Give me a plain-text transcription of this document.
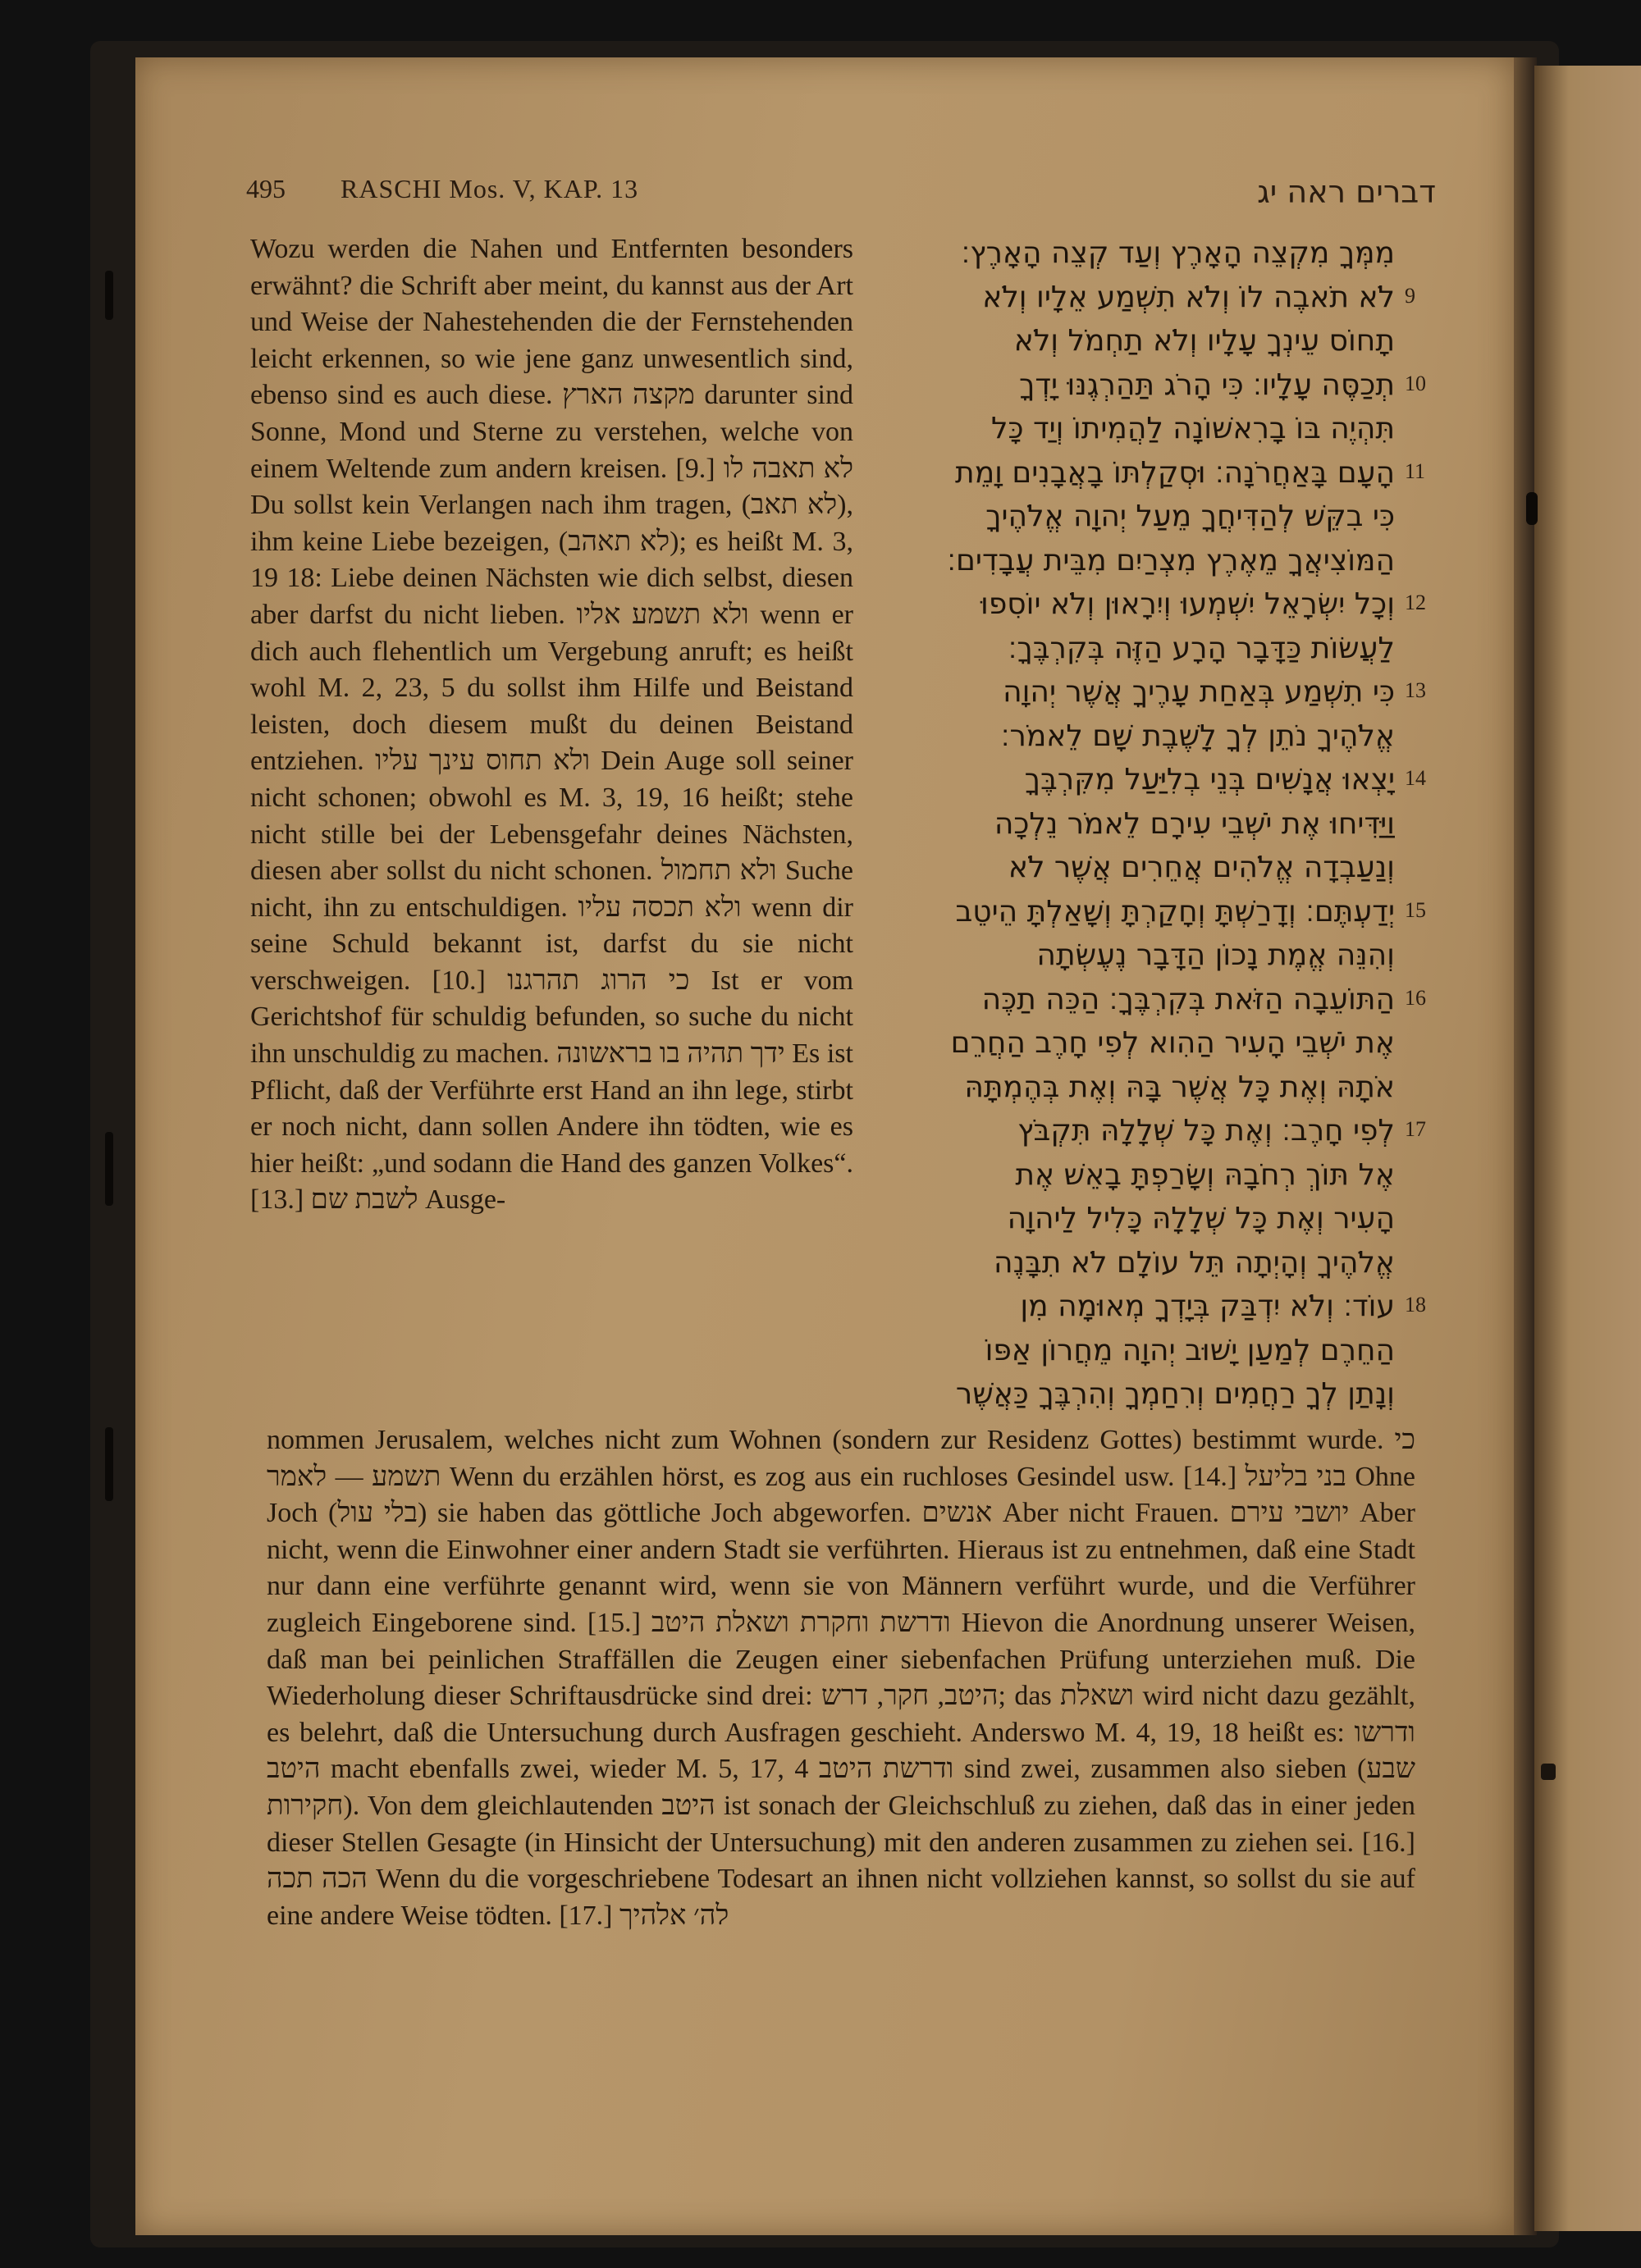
495 RASCHI Mos. V, KAP. 13	דברים ראה יג

Wozu werden die Nahen und Entfernten besonders erwähnt? die Schrift aber meint, du kannst aus der Art und Weise der Nahestehenden die der Fernstehenden leicht erkennen, so wie jene ganz unwesentlich sind, ebenso sind es auch diese. מקצה הארץ darunter sind Sonne, Mond und Sterne zu verstehen, welche von einem Weltende zum andern kreisen. [9.] לא תאבה לו Du sollst kein Verlangen nach ihm tragen, (לא תאב), ihm keine Liebe bezeigen, (לא תאהב); es heißt M. 3, 19 18: Liebe deinen Nächsten wie dich selbst, diesen aber darfst du nicht lieben. ולא תשמע אליו wenn er dich auch flehentlich um Vergebung anruft; es heißt wohl M. 2, 23, 5 du sollst ihm Hilfe und Beistand leisten, doch diesem mußt du deinen Beistand entziehen. ולא תחוס עינך עליו Dein Auge soll seiner nicht schonen; obwohl es M. 3, 19, 16 heißt; stehe nicht stille bei der Lebensgefahr deines Nächsten, diesen aber sollst du nicht schonen. ולא תחמול Suche nicht, ihn zu entschuldigen. ולא תכסה עליו wenn dir seine Schuld bekannt ist, darfst du sie nicht verschweigen. [10.] כי הרוג תהרגנו Ist er vom Gerichtshof für schuldig befunden, so suche du nicht ihn unschuldig zu machen. ידך תהיה בו בראשונה Es ist Pflicht, daß der Verführte erst Hand an ihn lege, stirbt er noch nicht, dann sollen Andere ihn tödten, wie es hier heißt: „und sodann die Hand des ganzen Volkes“. [13.] לשבת שם Ausge-

מִמְּךָ מִקְצֵה הָאָרֶץ וְעַד קְצֵה הָאָרֶץ׃
לֹא תֹאבֶה לוֹ וְלֹא תִשְׁמַע אֵלָיו וְלֹא
תָחוֹס עֵינְךָ עָלָיו וְלֹא תַחְמֹל וְלֹא
תְכַסֶּה עָלָיו׃ כִּי הָרֹג תַּהַרְגֶנּוּ יָדְךָ
תִּהְיֶה בּוֹ בָרִאשׁוֹנָה לַהֲמִיתוֹ וְיַד כָּל
הָעָם בָּאַחֲרֹנָה׃ וּסְקַלְתּוֹ בָאֲבָנִים וָמֵת
כִּי בִקֵּשׁ לְהַדִּיחֲךָ מֵעַל יְהוָה אֱלֹהֶיךָ
הַמּוֹצִיאֲךָ מֵאֶרֶץ מִצְרַיִם מִבֵּית עֲבָדִים׃
וְכָל יִשְׂרָאֵל יִשְׁמְעוּ וְיִרָאוּן וְלֹא יוֹסִפוּ
לַעֲשׂוֹת כַּדָּבָר הָרָע הַזֶּה בְּקִרְבֶּךָ׃
כִּי תִשְׁמַע בְּאַחַת עָרֶיךָ אֲשֶׁר יְהוָה
אֱלֹהֶיךָ נֹתֵן לְךָ לָשֶׁבֶת שָׁם לֵאמֹר׃
יָצְאוּ אֲנָשִׁים בְּנֵי בְלִיַּעַל מִקִּרְבֶּךָ
וַיַּדִּיחוּ אֶת יֹשְׁבֵי עִירָם לֵאמֹר נֵלְכָה
וְנַעַבְדָה אֱלֹהִים אֲחֵרִים אֲשֶׁר לֹא
יְדַעְתֶּם׃ וְדָרַשְׁתָּ וְחָקַרְתָּ וְשָׁאַלְתָּ הֵיטֵב
וְהִנֵּה אֱמֶת נָכוֹן הַדָּבָר נֶעֶשְׂתָה
הַתּוֹעֵבָה הַזֹּאת בְּקִרְבֶּךָ׃ הַכֵּה תַכֶּה
אֶת יֹשְׁבֵי הָעִיר הַהִוא לְפִי חָרֶב הַחֲרֵם
אֹתָהּ וְאֶת כָּל אֲשֶׁר בָּהּ וְאֶת בְּהֶמְתָּהּ
לְפִי חָרֶב׃ וְאֶת כָּל שְׁלָלָהּ תִּקְבֹּץ
אֶל תּוֹךְ רְחֹבָהּ וְשָׂרַפְתָּ בָאֵשׁ אֶת
הָעִיר וְאֶת כָּל שְׁלָלָהּ כָּלִיל לַיהוָה
אֱלֹהֶיךָ וְהָיְתָה תֵּל עוֹלָם לֹא תִבָּנֶה
עוֹד׃ וְלֹא יִדְבַּק בְּיָדְךָ מְאוּמָה מִן
הַחֵרֶם לְמַעַן יָשׁוּב יְהוָה מֵחֲרוֹן אַפּוֹ
וְנָתַן לְךָ רַחֲמִים וְרִחַמְךָ וְהִרְבֶּךָ כַּאֲשֶׁר
9
10
11
12
13
14
15
16
17
18

nommen Jerusalem, welches nicht zum Wohnen (sondern zur Residenz Gottes) bestimmt wurde. כי תשמע — לאמר Wenn du erzählen hörst, es zog aus ein ruchloses Gesindel usw. [14.] בני בליעל Ohne Joch (בלי עול) sie haben das göttliche Joch abgeworfen. אנשים Aber nicht Frauen. יושבי עירם Aber nicht, wenn die Einwohner einer andern Stadt sie verführten. Hieraus ist zu entnehmen, daß eine Stadt nur dann eine verführte genannt wird, wenn sie von Männern verführt wurde, und die Verführer zugleich Eingeborene sind. [15.] ודרשת וחקרת ושאלת היטב Hievon die Anordnung unserer Weisen, daß man bei peinlichen Straffällen die Zeugen einer siebenfachen Prüfung unterziehen muß. Die Wiederholung dieser Schriftausdrücke sind drei: היטב, חקר, דרש; das ושאלת wird nicht dazu gezählt, es belehrt, daß die Untersuchung durch Ausfragen geschieht. Anderswo M. 4, 19, 18 heißt es: ודרשו היטב macht ebenfalls zwei, wieder M. 5, 17, 4 ודרשת היטב sind zwei, zusammen also sieben (שבע חקירות). Von dem gleichlautenden היטב ist sonach der Gleichschluß zu ziehen, daß das in einer jeden dieser Stellen Gesagte (in Hinsicht der Untersuchung) mit den anderen zusammen zu ziehen sei. [16.] הכה תכה Wenn du die vorgeschriebene Todesart an ihnen nicht vollziehen kannst, so sollst du sie auf eine andere Weise tödten. [17.] לה׳ אלהיך
